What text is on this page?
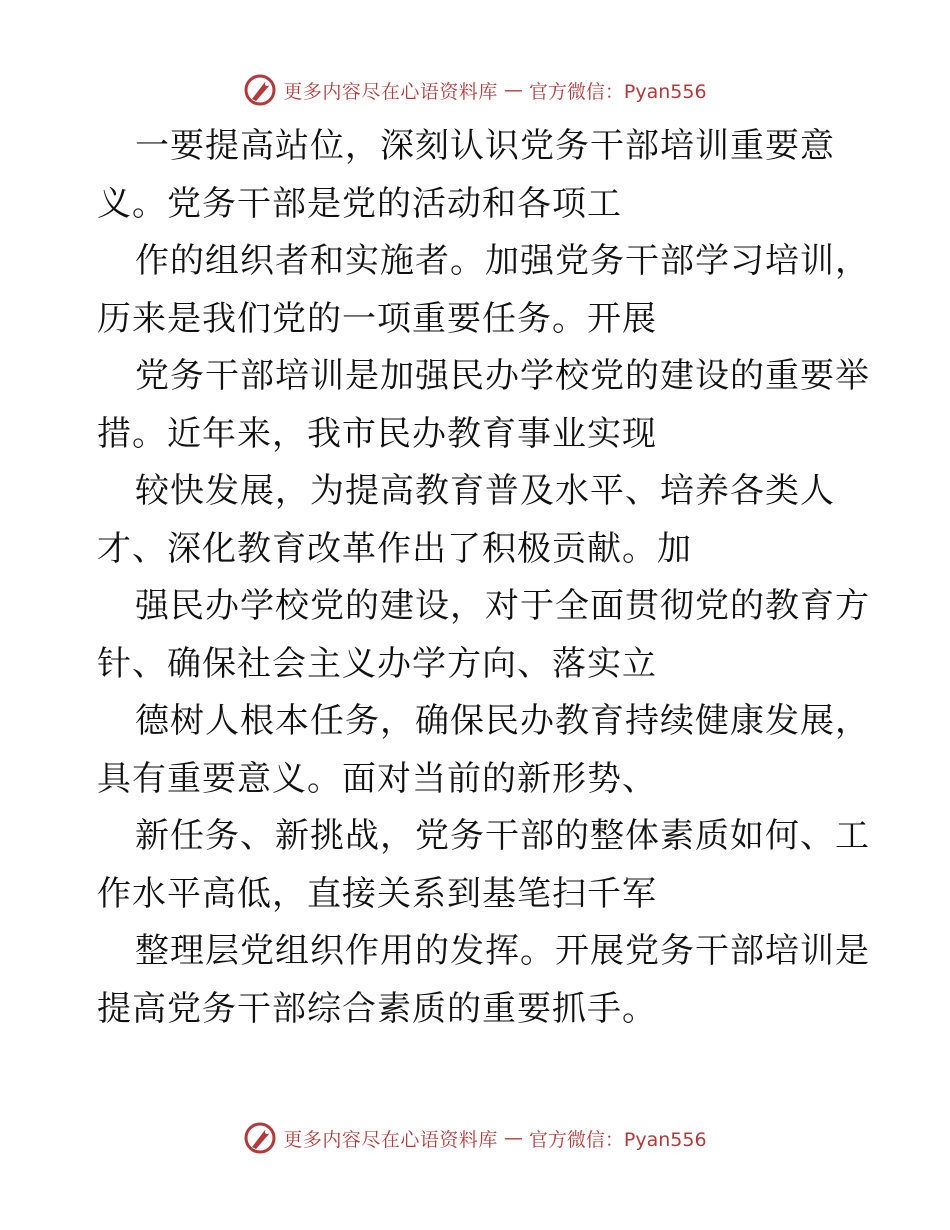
更多内容尽在心语资料库 — 官方微信：Pyan556
一要提高站位，深刻认识党务干部培训重要意
义。党务干部是党的活动和各项工
作的组织者和实施者。加强党务干部学习培训，
历来是我们党的一项重要任务。开展
党务干部培训是加强民办学校党的建设的重要举
措。近年来，我市民办教育事业实现
较快发展，为提高教育普及水平、培养各类人
才、深化教育改革作出了积极贡献。加
强民办学校党的建设，对于全面贯彻党的教育方
针、确保社会主义办学方向、落实立
德树人根本任务，确保民办教育持续健康发展，
具有重要意义。面对当前的新形势、
新任务、新挑战，党务干部的整体素质如何、工
作水平高低，直接关系到基笔扫千军
整理层党组织作用的发挥。开展党务干部培训是
提高党务干部综合素质的重要抓手。
更多内容尽在心语资料库 — 官方微信：Pyan556
